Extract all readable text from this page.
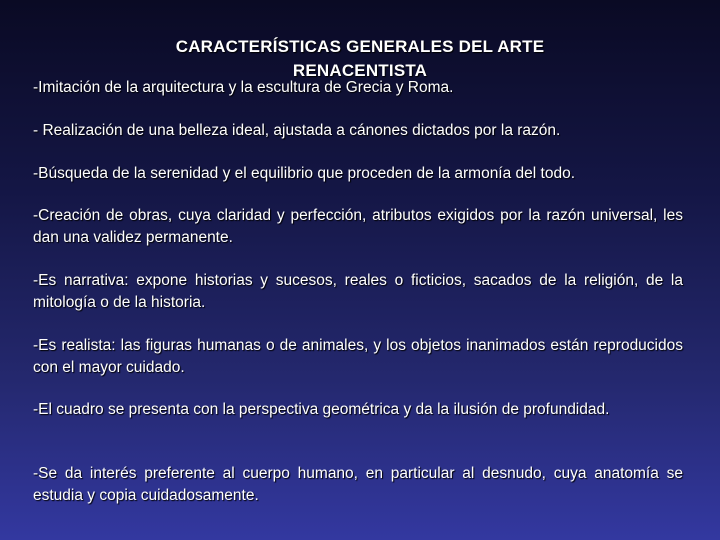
CARACTERÍSTICAS GENERALES DEL ARTE
RENACENTISTA
-Imitación de la arquitectura y la escultura de Grecia y Roma.
- Realización de una belleza ideal, ajustada a cánones dictados por la razón.
-Búsqueda de la serenidad y el equilibrio que proceden de la armonía del todo.
-Creación de obras, cuya claridad y perfección, atributos exigidos por la razón universal, les dan una validez permanente.
-Es narrativa: expone historias y sucesos, reales o ficticios, sacados de la religión, de la mitología o de la historia.
-Es realista: las figuras humanas o de animales, y los objetos inanimados están reproducidos con el mayor cuidado.
-El cuadro se presenta con la perspectiva geométrica y da la ilusión de profundidad.
-Se da interés preferente al cuerpo humano, en particular al desnudo, cuya anatomía se estudia y copia cuidadosamente.
